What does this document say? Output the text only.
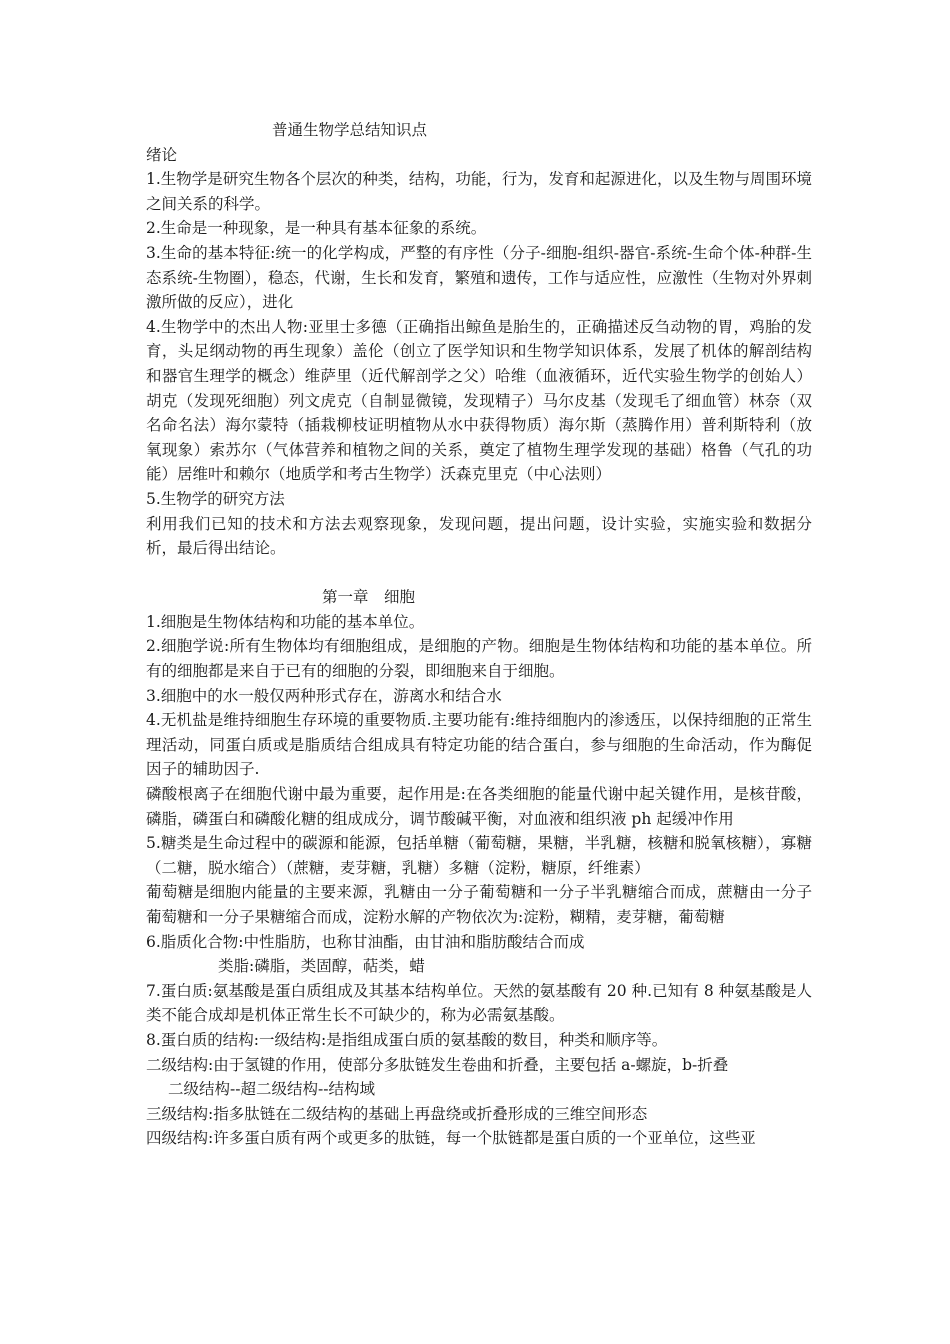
普通生物学总结知识点

绪论

1.生物学是研究生物各个层次的种类，结构，功能，行为，发育和起源进化，以及生物与周围环境之间关系的科学。

2.生命是一种现象，是一种具有基本征象的系统。

3.生命的基本特征:统一的化学构成，严整的有序性（分子-细胞-组织-器官-系统-生命个体-种群-生态系统-生物圈），稳态，代谢，生长和发育，繁殖和遗传，工作与适应性，应激性（生物对外界刺激所做的反应），进化

4.生物学中的杰出人物:亚里士多德（正确指出鲸鱼是胎生的，正确描述反刍动物的胃，鸡胎的发育，头足纲动物的再生现象）盖伦（创立了医学知识和生物学知识体系，发展了机体的解剖结构和器官生理学的概念）维萨里（近代解剖学之父）哈维（血液循环，近代实验生物学的创始人）胡克（发现死细胞）列文虎克（自制显微镜，发现精子）马尔皮基（发现毛了细血管）林奈（双名命名法）海尔蒙特（插栽柳枝证明植物从水中获得物质）海尔斯（蒸腾作用）普利斯特利（放氧现象）索苏尔（气体营养和植物之间的关系，奠定了植物生理学发现的基础）格鲁（气孔的功能）居维叶和赖尔（地质学和考古生物学）沃森克里克（中心法则）

5.生物学的研究方法

利用我们已知的技术和方法去观察现象，发现问题，提出问题，设计实验，实施实验和数据分析，最后得出结论。

第一章　细胞

1.细胞是生物体结构和功能的基本单位。

2.细胞学说:所有生物体均有细胞组成，是细胞的产物。细胞是生物体结构和功能的基本单位。所有的细胞都是来自于已有的细胞的分裂，即细胞来自于细胞。

3.细胞中的水一般仅两种形式存在，游离水和结合水

4.无机盐是维持细胞生存环境的重要物质.主要功能有:维持细胞内的渗透压，以保持细胞的正常生理活动，同蛋白质或是脂质结合组成具有特定功能的结合蛋白，参与细胞的生命活动，作为酶促因子的辅助因子.

磷酸根离子在细胞代谢中最为重要，起作用是:在各类细胞的能量代谢中起关键作用，是核苷酸，磷脂，磷蛋白和磷酸化糖的组成成分，调节酸碱平衡，对血液和组织液 ph 起缓冲作用

5.糖类是生命过程中的碳源和能源，包括单糖（葡萄糖，果糖，半乳糖，核糖和脱氧核糖），寡糖（二糖，脱水缩合）（蔗糖，麦芽糖，乳糖）多糖（淀粉，糖原，纤维素）

葡萄糖是细胞内能量的主要来源，乳糖由一分子葡萄糖和一分子半乳糖缩合而成，蔗糖由一分子葡萄糖和一分子果糖缩合而成，淀粉水解的产物依次为:淀粉，糊精，麦芽糖，葡萄糖

6.脂质化合物:中性脂肪，也称甘油酯，由甘油和脂肪酸结合而成

类脂:磷脂，类固醇，萜类，蜡

7.蛋白质:氨基酸是蛋白质组成及其基本结构单位。天然的氨基酸有 20 种.已知有 8 种氨基酸是人类不能合成却是机体正常生长不可缺少的，称为必需氨基酸。

8.蛋白质的结构:一级结构:是指组成蛋白质的氨基酸的数目，种类和顺序等。

二级结构:由于氢键的作用，使部分多肽链发生卷曲和折叠，主要包括 a-螺旋，b-折叠

二级结构--超二级结构--结构域

三级结构:指多肽链在二级结构的基础上再盘绕或折叠形成的三维空间形态

四级结构:许多蛋白质有两个或更多的肽链，每一个肽链都是蛋白质的一个亚单位，这些亚
